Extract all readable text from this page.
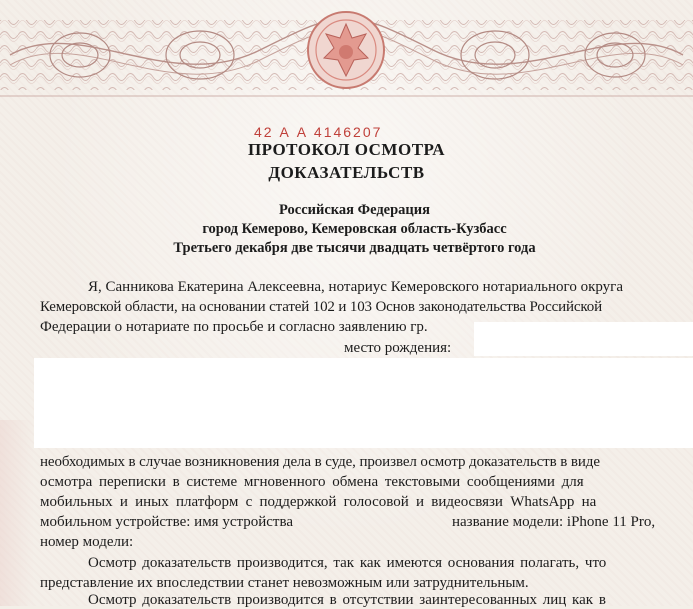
42 А А 4146207
ПРОТОКОЛ ОСМОТРА
ДОКАЗАТЕЛЬСТВ
Российская Федерация
город Кемерово, Кемеровская область-Кузбасс
Третьего декабря две тысячи двадцать четвёртого года
Я, Санникова Екатерина Алексеевна, нотариус Кемеровского нотариального округа
Кемеровской области, на основании статей 102 и 103 Основ законодательства Российской
Федерации о нотариате по просьбе и согласно заявлению гр.
место рождения:
необходимых в случае возникновения дела в суде, произвел осмотр доказательств в виде
осмотра переписки в системе мгновенного обмена текстовыми сообщениями для
мобильных и иных платформ с поддержкой голосовой и видеосвязи WhatsApp на
мобильном устройстве: имя устройства	название модели: iPhone 11 Pro,
номер модели:
Осмотр доказательств производится, так как имеются основания полагать, что
представление их впоследствии станет невозможным или затруднительным.
Осмотр доказательств производится в отсутствии заинтересованных лиц как в
